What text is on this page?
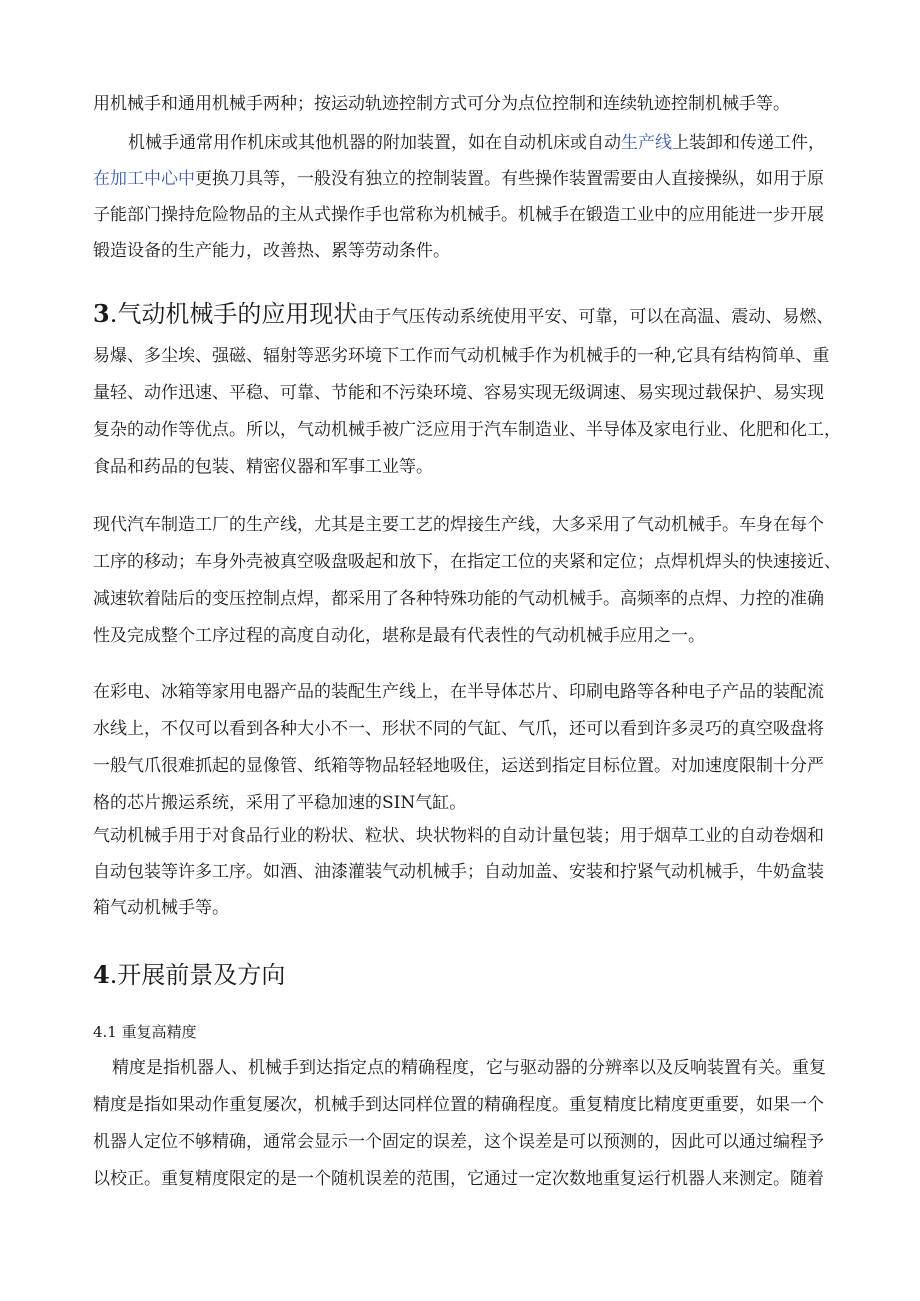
用机械手和通用机械手两种；按运动轨迹控制方式可分为点位控制和连续轨迹控制机械手等。
机械手通常用作机床或其他机器的附加装置，如在自动机床或自动生产线上装卸和传递工件，
在加工中心中更换刀具等，一般没有独立的控制装置。有些操作装置需要由人直接操纵，如用于原
子能部门操持危险物品的主从式操作手也常称为机械手。机械手在锻造工业中的应用能进一步开展
锻造设备的生产能力，改善热、累等劳动条件。
3.气动机械手的应用现状由于气压传动系统使用平安、可靠，可以在高温、震动、易燃、
易爆、多尘埃、强磁、辐射等恶劣环境下工作而气动机械手作为机械手的一种,它具有结构简单、重
量轻、动作迅速、平稳、可靠、节能和不污染环境、容易实现无级调速、易实现过载保护、易实现
复杂的动作等优点。所以，气动机械手被广泛应用于汽车制造业、半导体及家电行业、化肥和化工，
食品和药品的包装、精密仪器和军事工业等。
现代汽车制造工厂的生产线，尤其是主要工艺的焊接生产线，大多采用了气动机械手。车身在每个
工序的移动；车身外壳被真空吸盘吸起和放下，在指定工位的夹紧和定位；点焊机焊头的快速接近、
减速软着陆后的变压控制点焊，都采用了各种特殊功能的气动机械手。高频率的点焊、力控的准确
性及完成整个工序过程的高度自动化，堪称是最有代表性的气动机械手应用之一。
在彩电、冰箱等家用电器产品的装配生产线上，在半导体芯片、印刷电路等各种电子产品的装配流
水线上，不仅可以看到各种大小不一、形状不同的气缸、气爪，还可以看到许多灵巧的真空吸盘将
一般气爪很难抓起的显像管、纸箱等物品轻轻地吸住，运送到指定目标位置。对加速度限制十分严
格的芯片搬运系统，采用了平稳加速的SIN气缸。
气动机械手用于对食品行业的粉状、粒状、块状物料的自动计量包装；用于烟草工业的自动卷烟和
自动包装等许多工序。如酒、油漆灌装气动机械手；自动加盖、安装和拧紧气动机械手，牛奶盒装
箱气动机械手等。
4.开展前景及方向
4.1 重复高精度
精度是指机器人、机械手到达指定点的精确程度，它与驱动器的分辨率以及反响装置有关。重复
精度是指如果动作重复屡次，机械手到达同样位置的精确程度。重复精度比精度更重要，如果一个
机器人定位不够精确，通常会显示一个固定的误差，这个误差是可以预测的，因此可以通过编程予
以校正。重复精度限定的是一个随机误差的范围，它通过一定次数地重复运行机器人来测定。随着
